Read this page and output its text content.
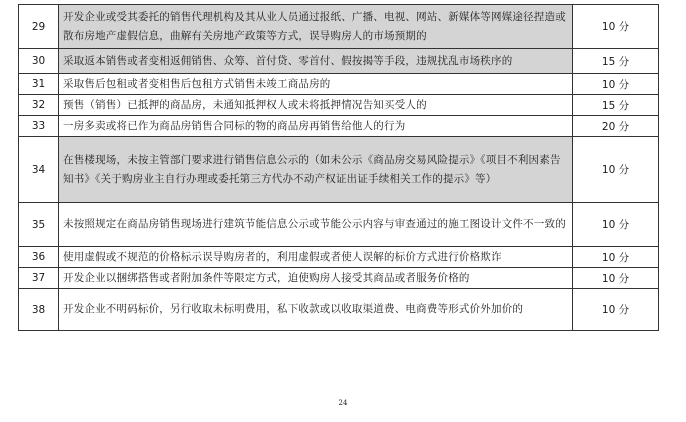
29	开发企业或受其委托的销售代理机构及其从业人员通过报纸、广播、电视、网站、新媒体等网媒途径捏造或散布房地产虚假信息，曲解有关房地产政策等方式，误导购房人的市场预期的	10 分
30	采取返本销售或者变相返佣销售、众筹、首付贷、零首付、假按揭等手段，违规扰乱市场秩序的	15 分
31	采取售后包租或者变相售后包租方式销售未竣工商品房的	10 分
32	预售（销售）已抵押的商品房，未通知抵押权人或未将抵押情况告知买受人的	15 分
33	一房多卖或将已作为商品房销售合同标的物的商品房再销售给他人的行为	20 分
34	在售楼现场，未按主管部门要求进行销售信息公示的（如未公示《商品房交易风险提示》《项目不利因素告知书》《关于购房业主自行办理或委托第三方代办不动产权证出证手续相关工作的提示》等）	10 分
35	未按照规定在商品房销售现场进行建筑节能信息公示或节能公示内容与审查通过的施工图设计文件不一致的	10 分
36	使用虚假或不规范的价格标示误导购房者的，利用虚假或者使人误解的标价方式进行价格欺诈	10 分
37	开发企业以捆绑搭售或者附加条件等限定方式，迫使购房人接受其商品或者服务价格的	10 分
38	开发企业不明码标价，另行收取未标明费用，私下收款或以收取渠道费、电商费等形式价外加价的	10 分
24
